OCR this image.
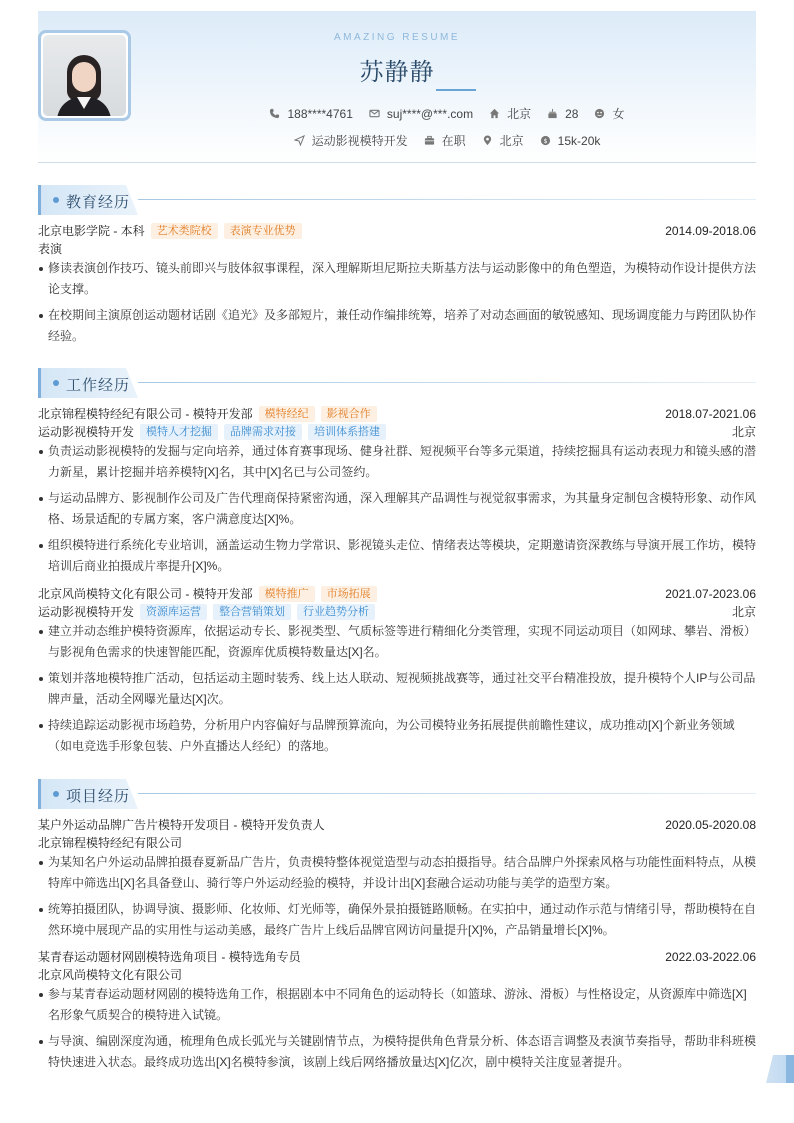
AMAZING RESUME
苏静静
188****4761	suj****@***.com	北京	28	女
运动影视模特开发	在职	北京	$ 15k-20k
教育经历
北京电影学院 - 本科	艺术类院校	表演专业优势	2014.09-2018.06
表演
修读表演创作技巧、镜头前即兴与肢体叙事课程，深入理解斯坦尼斯拉夫斯基方法与运动影像中的角色塑造，为模特动作设计提供方法论支撑。
在校期间主演原创运动题材话剧《追光》及多部短片，兼任动作编排统筹，培养了对动态画面的敏锐感知、现场调度能力与跨团队协作经验。
工作经历
北京锦程模特经纪有限公司 - 模特开发部	模特经纪	影视合作	2018.07-2021.06
运动影视模特开发	模特人才挖掘	品牌需求对接	培训体系搭建	北京
负责运动影视模特的发掘与定向培养，通过体育赛事现场、健身社群、短视频平台等多元渠道，持续挖掘具有运动表现力和镜头感的潜力新星，累计挖掘并培养模特[X]名，其中[X]名已与公司签约。
与运动品牌方、影视制作公司及广告代理商保持紧密沟通，深入理解其产品调性与视觉叙事需求，为其量身定制包含模特形象、动作风格、场景适配的专属方案，客户满意度达[X]%。
组织模特进行系统化专业培训，涵盖运动生物力学常识、影视镜头走位、情绪表达等模块，定期邀请资深教练与导演开展工作坊，模特培训后商业拍摄成片率提升[X]%。
北京风尚模特文化有限公司 - 模特开发部	模特推广	市场拓展	2021.07-2023.06
运动影视模特开发	资源库运营	整合营销策划	行业趋势分析	北京
建立并动态维护模特资源库，依据运动专长、影视类型、气质标签等进行精细化分类管理，实现不同运动项目（如网球、攀岩、滑板）与影视角色需求的快速智能匹配，资源库优质模特数量达[X]名。
策划并落地模特推广活动，包括运动主题时装秀、线上达人联动、短视频挑战赛等，通过社交平台精准投放，提升模特个人IP与公司品牌声量，活动全网曝光量达[X]次。
持续追踪运动影视市场趋势，分析用户内容偏好与品牌预算流向，为公司模特业务拓展提供前瞻性建议，成功推动[X]个新业务领域（如电竞选手形象包装、户外直播达人经纪）的落地。
项目经历
某户外运动品牌广告片模特开发项目 - 模特开发负责人	2020.05-2020.08
北京锦程模特经纪有限公司
为某知名户外运动品牌拍摄春夏新品广告片，负责模特整体视觉造型与动态拍摄指导。结合品牌户外探索风格与功能性面料特点，从模特库中筛选出[X]名具备登山、骑行等户外运动经验的模特，并设计出[X]套融合运动功能与美学的造型方案。
统筹拍摄团队，协调导演、摄影师、化妆师、灯光师等，确保外景拍摄链路顺畅。在实拍中，通过动作示范与情绪引导，帮助模特在自然环境中展现产品的实用性与运动美感，最终广告片上线后品牌官网访问量提升[X]%，产品销量增长[X]%。
某青春运动题材网剧模特选角项目 - 模特选角专员	2022.03-2022.06
北京风尚模特文化有限公司
参与某青春运动题材网剧的模特选角工作，根据剧本中不同角色的运动特长（如篮球、游泳、滑板）与性格设定，从资源库中筛选[X]名形象气质契合的模特进入试镜。
与导演、编剧深度沟通，梳理角色成长弧光与关键剧情节点，为模特提供角色背景分析、体态语言调整及表演节奏指导，帮助非科班模特快速进入状态。最终成功选出[X]名模特参演，该剧上线后网络播放量达[X]亿次，剧中模特关注度显著提升。
